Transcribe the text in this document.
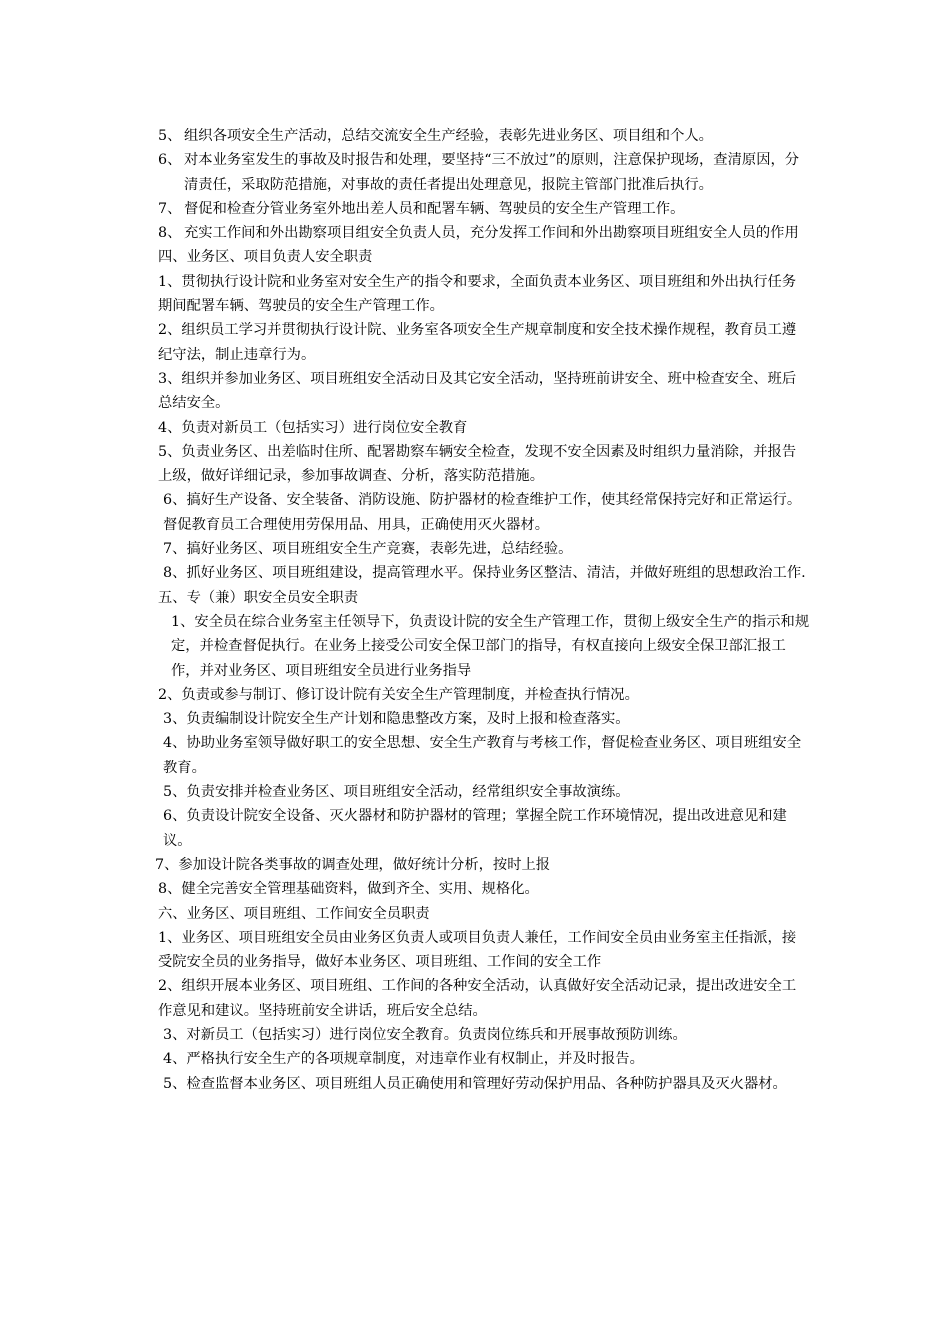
5、 组织各项安全生产活动，总结交流安全生产经验，表彰先进业务区、项目组和个人。
6、 对本业务室发生的事故及时报告和处理，要坚持“三不放过”的原则，注意保护现场，查清原因，分清责任，采取防范措施，对事故的责任者提出处理意见，报院主管部门批准后执行。
7、 督促和检查分管业务室外地出差人员和配署车辆、驾驶员的安全生产管理工作。
8、 充实工作间和外出勘察项目组安全负责人员，充分发挥工作间和外出勘察项目班组安全人员的作用

四、业务区、项目负责人安全职责

1、贯彻执行设计院和业务室对安全生产的指令和要求，全面负责本业务区、项目班组和外出执行任务期间配署车辆、驾驶员的安全生产管理工作。

2、组织员工学习并贯彻执行设计院、业务室各项安全生产规章制度和安全技术操作规程，教育员工遵纪守法，制止违章行为。

3、组织并参加业务区、项目班组安全活动日及其它安全活动，坚持班前讲安全、班中检查安全、班后总结安全。

4、负责对新员工（包括实习）进行岗位安全教育

5、负责业务区、出差临时住所、配署勘察车辆安全检查，发现不安全因素及时组织力量消除，并报告上级，做好详细记录，参加事故调查、分析，落实防范措施。

6、搞好生产设备、安全装备、消防设施、防护器材的检查维护工作，使其经常保持完好和正常运行。督促教育员工合理使用劳保用品、用具，正确使用灭火器材。

7、搞好业务区、项目班组安全生产竞赛，表彰先进，总结经验。

8、抓好业务区、项目班组建设，提高管理水平。保持业务区整洁、清洁，并做好班组的思想政治工作.

五、专（兼）职安全员安全职责

1、安全员在综合业务室主任领导下，负责设计院的安全生产管理工作，贯彻上级安全生产的指示和规定，并检查督促执行。在业务上接受公司安全保卫部门的指导，有权直接向上级安全保卫部汇报工作，并对业务区、项目班组安全员进行业务指导

2、负责或参与制订、修订设计院有关安全生产管理制度，并检查执行情况。

3、负责编制设计院安全生产计划和隐患整改方案，及时上报和检查落实。

4、协助业务室领导做好职工的安全思想、安全生产教育与考核工作，督促检查业务区、项目班组安全教育。

5、负责安排并检查业务区、项目班组安全活动，经常组织安全事故演练。

6、负责设计院安全设备、灭火器材和防护器材的管理；掌握全院工作环境情况，提出改进意见和建议。

7、参加设计院各类事故的调查处理，做好统计分析，按时上报

8、健全完善安全管理基础资料，做到齐全、实用、规格化。

六、业务区、项目班组、工作间安全员职责

1、业务区、项目班组安全员由业务区负责人或项目负责人兼任，工作间安全员由业务室主任指派，接受院安全员的业务指导，做好本业务区、项目班组、工作间的安全工作

2、组织开展本业务区、项目班组、工作间的各种安全活动，认真做好安全活动记录，提出改进安全工作意见和建议。坚持班前安全讲话，班后安全总结。

3、对新员工（包括实习）进行岗位安全教育。负责岗位练兵和开展事故预防训练。

4、严格执行安全生产的各项规章制度，对违章作业有权制止，并及时报告。

5、检查监督本业务区、项目班组人员正确使用和管理好劳动保护用品、各种防护器具及灭火器材。
